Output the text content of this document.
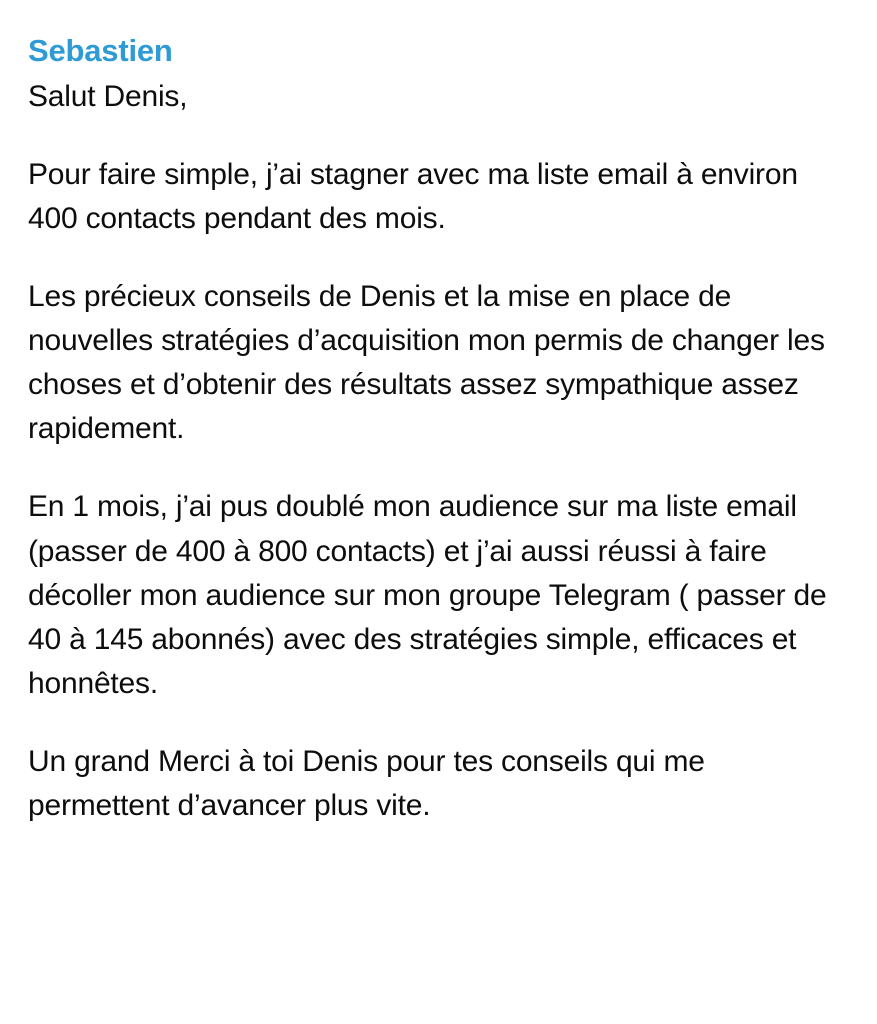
Sebastien

Salut Denis,

Pour faire simple, j’ai stagner avec ma liste email à environ 400 contacts pendant des mois.

Les précieux conseils de Denis et la mise en place de nouvelles stratégies d’acquisition mon permis de changer les choses et d’obtenir des résultats assez sympathique assez rapidement.

En 1 mois, j’ai pus doublé mon audience sur ma liste email (passer de 400 à 800 contacts) et j’ai aussi réussi à faire décoller mon audience sur mon groupe Telegram ( passer de 40 à 145 abonnés) avec des stratégies simple, efficaces et honnêtes.

Un grand Merci à toi Denis pour tes conseils qui me permettent d’avancer plus vite.
